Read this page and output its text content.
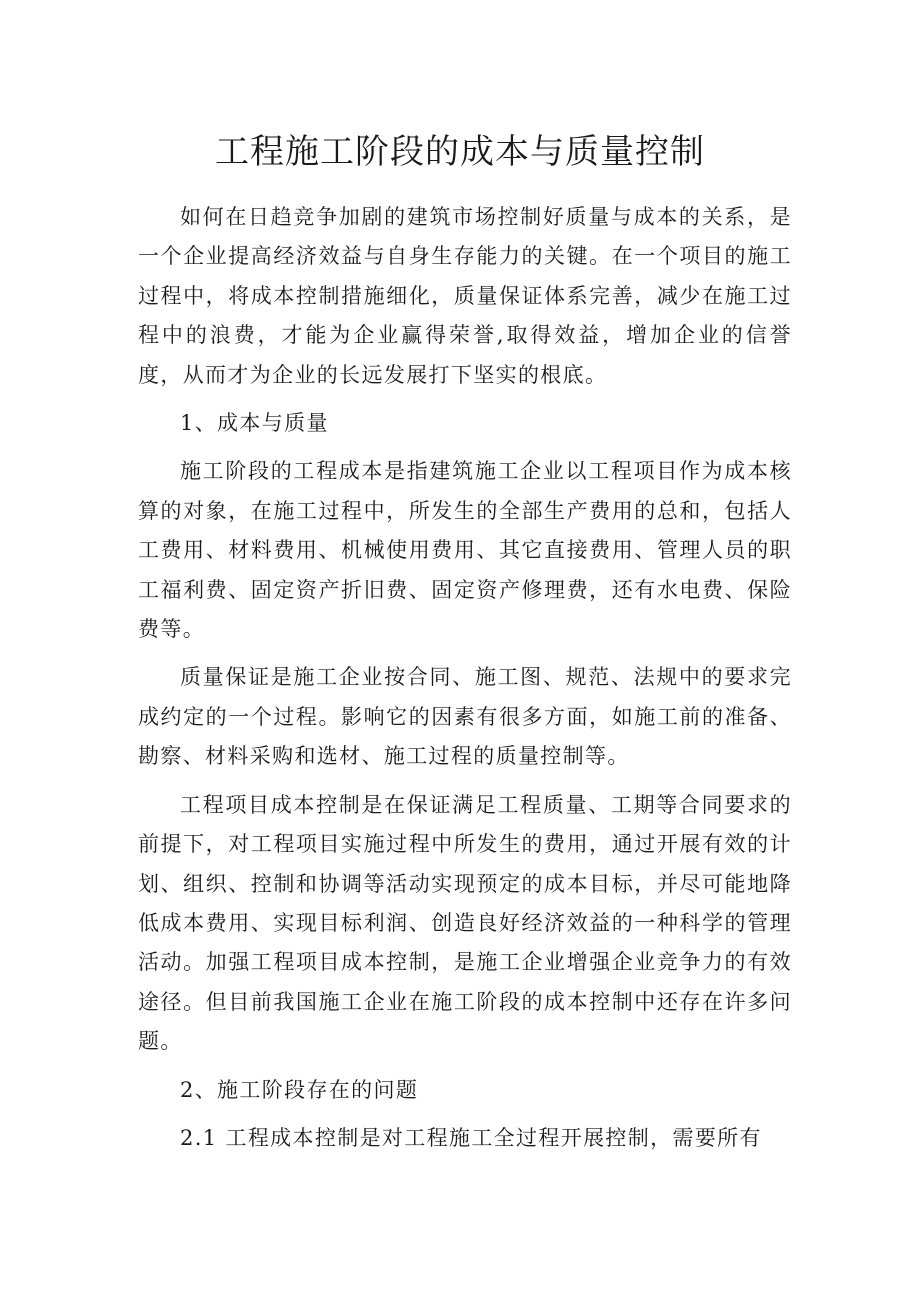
工程施工阶段的成本与质量控制

如何在日趋竞争加剧的建筑市场控制好质量与成本的关系，是一个企业提高经济效益与自身生存能力的关键。在一个项目的施工过程中，将成本控制措施细化，质量保证体系完善，减少在施工过程中的浪费，才能为企业赢得荣誉,取得效益，增加企业的信誉度，从而才为企业的长远发展打下坚实的根底。

1、成本与质量

施工阶段的工程成本是指建筑施工企业以工程项目作为成本核算的对象，在施工过程中，所发生的全部生产费用的总和，包括人工费用、材料费用、机械使用费用、其它直接费用、管理人员的职工福利费、固定资产折旧费、固定资产修理费，还有水电费、保险费等。

质量保证是施工企业按合同、施工图、规范、法规中的要求完成约定的一个过程。影响它的因素有很多方面，如施工前的准备、勘察、材料采购和选材、施工过程的质量控制等。

工程项目成本控制是在保证满足工程质量、工期等合同要求的前提下，对工程项目实施过程中所发生的费用，通过开展有效的计划、组织、控制和协调等活动实现预定的成本目标，并尽可能地降低成本费用、实现目标利润、创造良好经济效益的一种科学的管理活动。加强工程项目成本控制，是施工企业增强企业竞争力的有效途径。但目前我国施工企业在施工阶段的成本控制中还存在许多问题。

2、施工阶段存在的问题

2.1 工程成本控制是对工程施工全过程开展控制，需要所有
